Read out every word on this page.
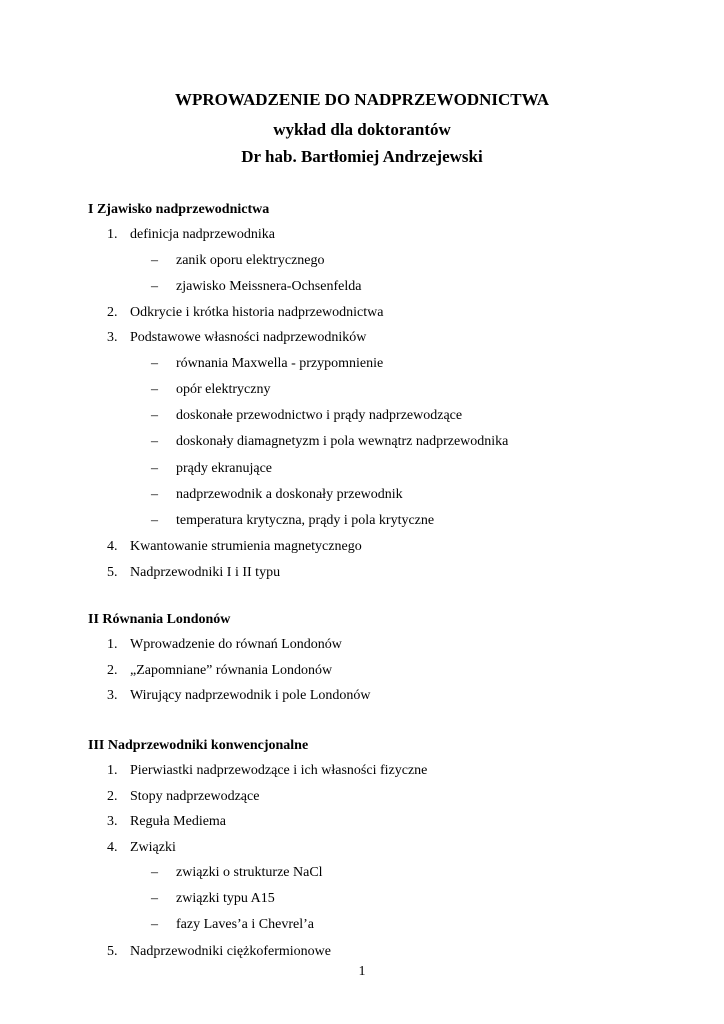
WPROWADZENIE DO NADPRZEWODNICTWA
wykład dla doktorantów
Dr hab. Bartłomiej Andrzejewski
I Zjawisko nadprzewodnictwa
1. definicja nadprzewodnika
– zanik oporu elektrycznego
– zjawisko Meissnera-Ochsenfelda
2. Odkrycie i krótka historia nadprzewodnictwa
3. Podstawowe własności nadprzewodników
– równania Maxwella - przypomnienie
– opór elektryczny
– doskonałe przewodnictwo i prądy nadprzewodzące
– doskonały diamagnetyzm i pola wewnątrz nadprzewodnika
– prądy ekranujące
– nadprzewodnik a doskonały przewodnik
– temperatura krytyczna, prądy i pola krytyczne
4. Kwantowanie strumienia magnetycznego
5. Nadprzewodniki I i II typu
II Równania Londonów
1. Wprowadzenie do równań Londonów
2. „Zapomniane” równania Londonów
3. Wirujący nadprzewodnik i pole Londonów
III Nadprzewodniki konwencjonalne
1. Pierwiastki nadprzewodzące i ich własności fizyczne
2. Stopy nadprzewodzące
3. Reguła Mediema
4. Związki
– związki o strukturze NaCl
– związki typu A15
– fazy Laves’a i Chevrel’a
5. Nadprzewodniki ciężkofermionowe
1
